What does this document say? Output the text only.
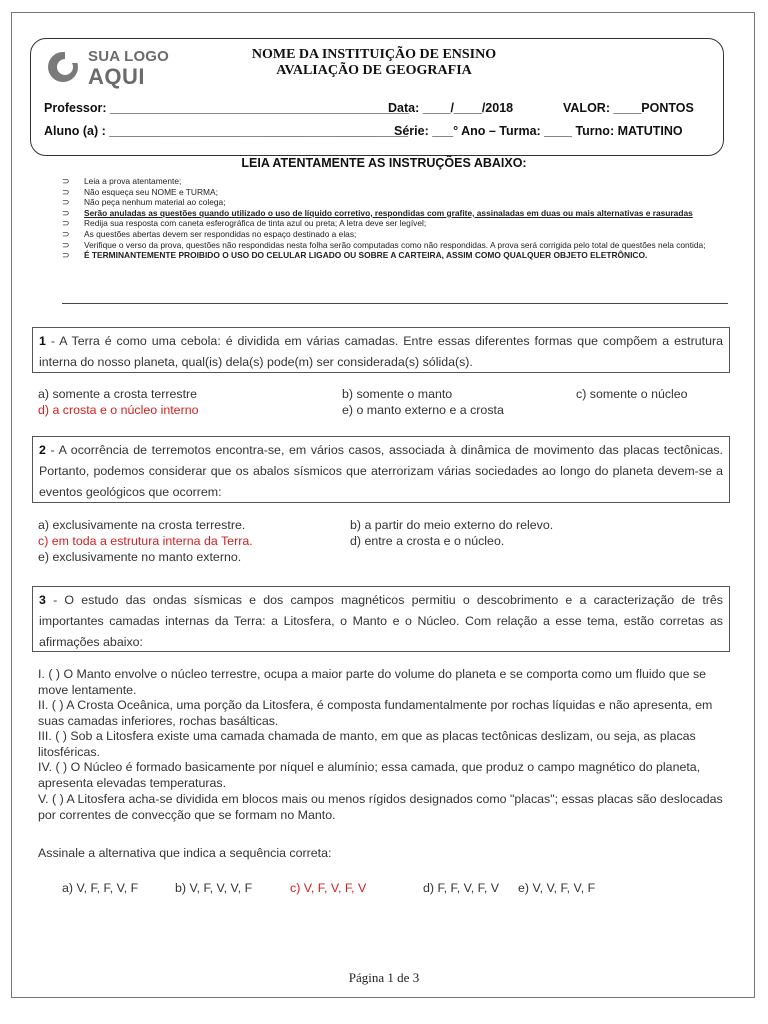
SUA LOGO
AQUI
NOME DA INSTITUIÇÃO DE ENSINO
AVALIAÇÃO DE GEOGRAFIA
Professor: ___________________________________________
Data: ____/____/2018	VALOR: ____PONTOS
Aluno (a) : ___________________________________________
Série: ___° Ano – Turma: ____ Turno: MATUTINO
LEIA ATENTAMENTE AS INSTRUÇÕES ABAIXO:
⊃ Leia a prova atentamente;
⊃ Não esqueça seu NOME e TURMA;
⊃ Não peça nenhum material ao colega;
⊃ Serão anuladas as questões quando utilizado o uso de líquido corretivo, respondidas com grafite, assinaladas em duas ou mais alternativas e rasuradas
⊃ Redija sua resposta com caneta esferográfica de tinta azul ou preta; A letra deve ser legível;
⊃ As questões abertas devem ser respondidas no espaço destinado a elas;
⊃ Verifique o verso da prova, questões não respondidas nesta folha serão computadas como não respondidas. A prova será corrigida pelo total de questões nela contida;
⊃ É TERMINANTEMENTE PROIBIDO O USO DO CELULAR LIGADO OU SOBRE A CARTEIRA, ASSIM COMO QUALQUER OBJETO ELETRÔNICO.
1 - A Terra é como uma cebola: é dividida em várias camadas. Entre essas diferentes formas que compõem a estrutura interna do nosso planeta, qual(is) dela(s) pode(m) ser considerada(s) sólida(s).
a) somente a crosta terrestre	b) somente o manto	c) somente o núcleo
d) a crosta e o núcleo interno	e) o manto externo e a crosta
2 - A ocorrência de terremotos encontra-se, em vários casos, associada à dinâmica de movimento das placas tectônicas. Portanto, podemos considerar que os abalos sísmicos que aterrorizam várias sociedades ao longo do planeta devem-se a eventos geológicos que ocorrem:
a) exclusivamente na crosta terrestre.	b) a partir do meio externo do relevo.
c) em toda a estrutura interna da Terra.	d) entre a crosta e o núcleo.
e) exclusivamente no manto externo.
3 - O estudo das ondas sísmicas e dos campos magnéticos permitiu o descobrimento e a caracterização de três importantes camadas internas da Terra: a Litosfera, o Manto e o Núcleo. Com relação a esse tema, estão corretas as afirmações abaixo:
I. ( ) O Manto envolve o núcleo terrestre, ocupa a maior parte do volume do planeta e se comporta como um fluido que se move lentamente.
II. ( ) A Crosta Oceânica, uma porção da Litosfera, é composta fundamentalmente por rochas líquidas e não apresenta, em suas camadas inferiores, rochas basálticas.
III. ( ) Sob a Litosfera existe uma camada chamada de manto, em que as placas tectônicas deslizam, ou seja, as placas litosféricas.
IV. ( ) O Núcleo é formado basicamente por níquel e alumínio; essa camada, que produz o campo magnético do planeta, apresenta elevadas temperaturas.
V. ( ) A Litosfera acha-se dividida em blocos mais ou menos rígidos designados como "placas"; essas placas são deslocadas por correntes de convecção que se formam no Manto.
Assinale a alternativa que indica a sequência correta:
a) V, F, F, V, F	b) V, F, V, V, F	c) V, F, V, F, V	d) F, F, V, F, V e) V, V, F, V, F
Página 1 de 3
